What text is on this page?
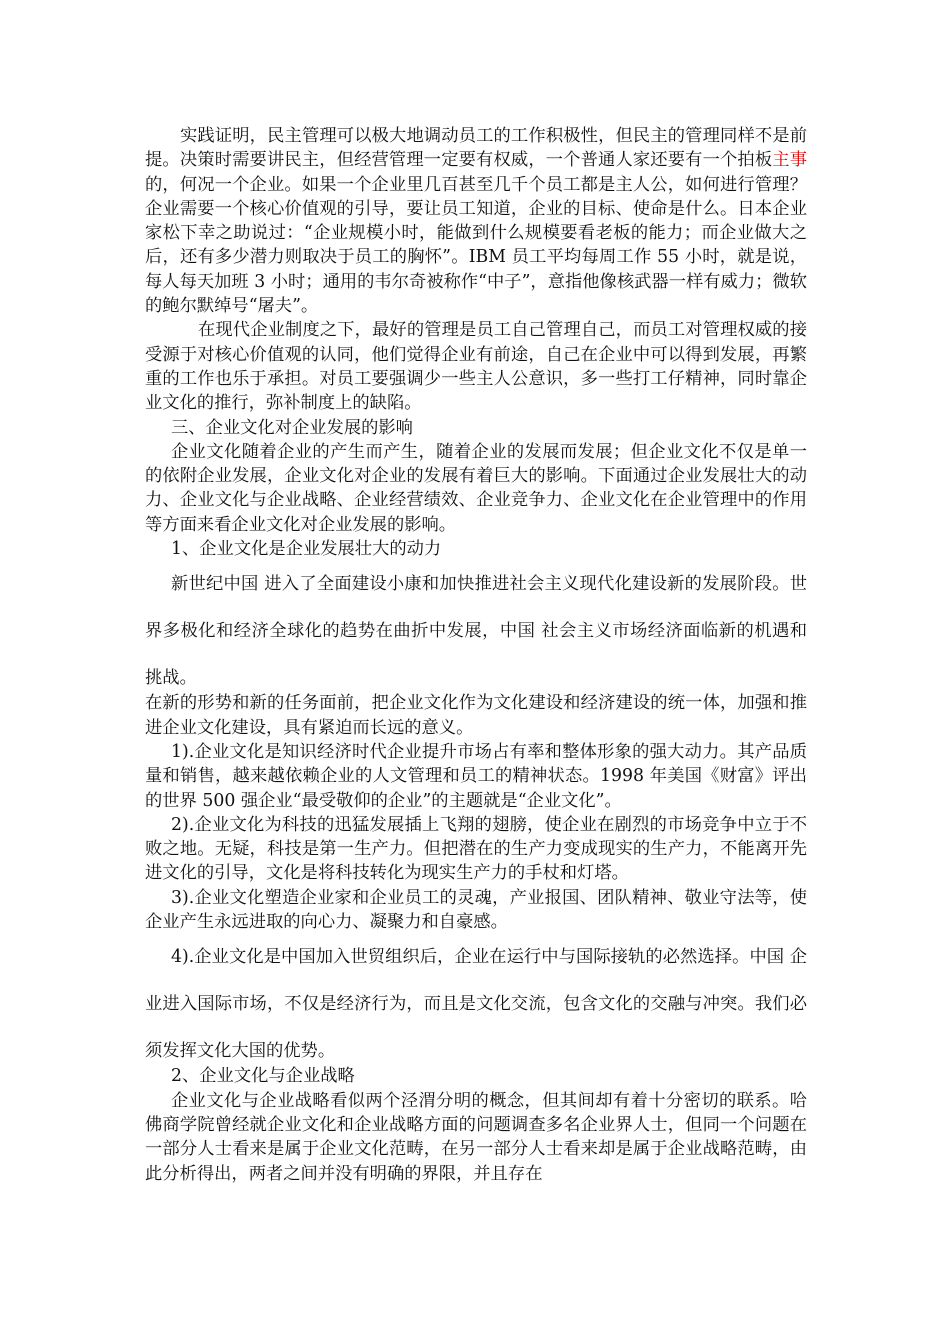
实践证明，民主管理可以极大地调动员工的工作积极性，但民主的管理同样不是前提。决策时需要讲民主，但经营管理一定要有权威，一个普通人家还要有一个拍板主事的，何况一个企业。如果一个企业里几百甚至几千个员工都是主人公，如何进行管理？企业需要一个核心价值观的引导，要让员工知道，企业的目标、使命是什么。日本企业家松下幸之助说过：“企业规模小时，能做到什么规模要看老板的能力；而企业做大之后，还有多少潜力则取决于员工的胸怀”。IBM 员工平均每周工作 55 小时，就是说，每人每天加班 3 小时；通用的韦尔奇被称作“中子”，意指他像核武器一样有威力；微软的鲍尔默绰号“屠夫”。

在现代企业制度之下，最好的管理是员工自己管理自己，而员工对管理权威的接受源于对核心价值观的认同，他们觉得企业有前途，自己在企业中可以得到发展，再繁重的工作也乐于承担。对员工要强调少一些主人公意识，多一些打工仔精神，同时靠企业文化的推行，弥补制度上的缺陷。

三、企业文化对企业发展的影响

企业文化随着企业的产生而产生，随着企业的发展而发展；但企业文化不仅是单一的依附企业发展，企业文化对企业的发展有着巨大的影响。下面通过企业发展壮大的动力、企业文化与企业战略、企业经营绩效、企业竞争力、企业文化在企业管理中的作用等方面来看企业文化对企业发展的影响。

1、企业文化是企业发展壮大的动力

新世纪中国 进入了全面建设小康和加快推进社会主义现代化建设新的发展阶段。世界多极化和经济全球化的趋势在曲折中发展，中国 社会主义市场经济面临新的机遇和挑战。

在新的形势和新的任务面前，把企业文化作为文化建设和经济建设的统一体，加强和推进企业文化建设，具有紧迫而长远的意义。

1).企业文化是知识经济时代企业提升市场占有率和整体形象的强大动力。其产品质量和销售，越来越依赖企业的人文管理和员工的精神状态。1998 年美国《财富》评出的世界 500 强企业“最受敬仰的企业”的主题就是“企业文化”。

2).企业文化为科技的迅猛发展插上飞翔的翅膀，使企业在剧烈的市场竞争中立于不败之地。无疑，科技是第一生产力。但把潜在的生产力变成现实的生产力，不能离开先进文化的引导，文化是将科技转化为现实生产力的手杖和灯塔。

3).企业文化塑造企业家和企业员工的灵魂，产业报国、团队精神、敬业守法等，使企业产生永远进取的向心力、凝聚力和自豪感。

4).企业文化是中国加入世贸组织后，企业在运行中与国际接轨的必然选择。中国 企业进入国际市场，不仅是经济行为，而且是文化交流，包含文化的交融与冲突。我们必须发挥文化大国的优势。

2、企业文化与企业战略

企业文化与企业战略看似两个泾渭分明的概念，但其间却有着十分密切的联系。哈佛商学院曾经就企业文化和企业战略方面的问题调查多名企业界人士，但同一个问题在一部分人士看来是属于企业文化范畴，在另一部分人士看来却是属于企业战略范畴，由此分析得出，两者之间并没有明确的界限，并且存在
